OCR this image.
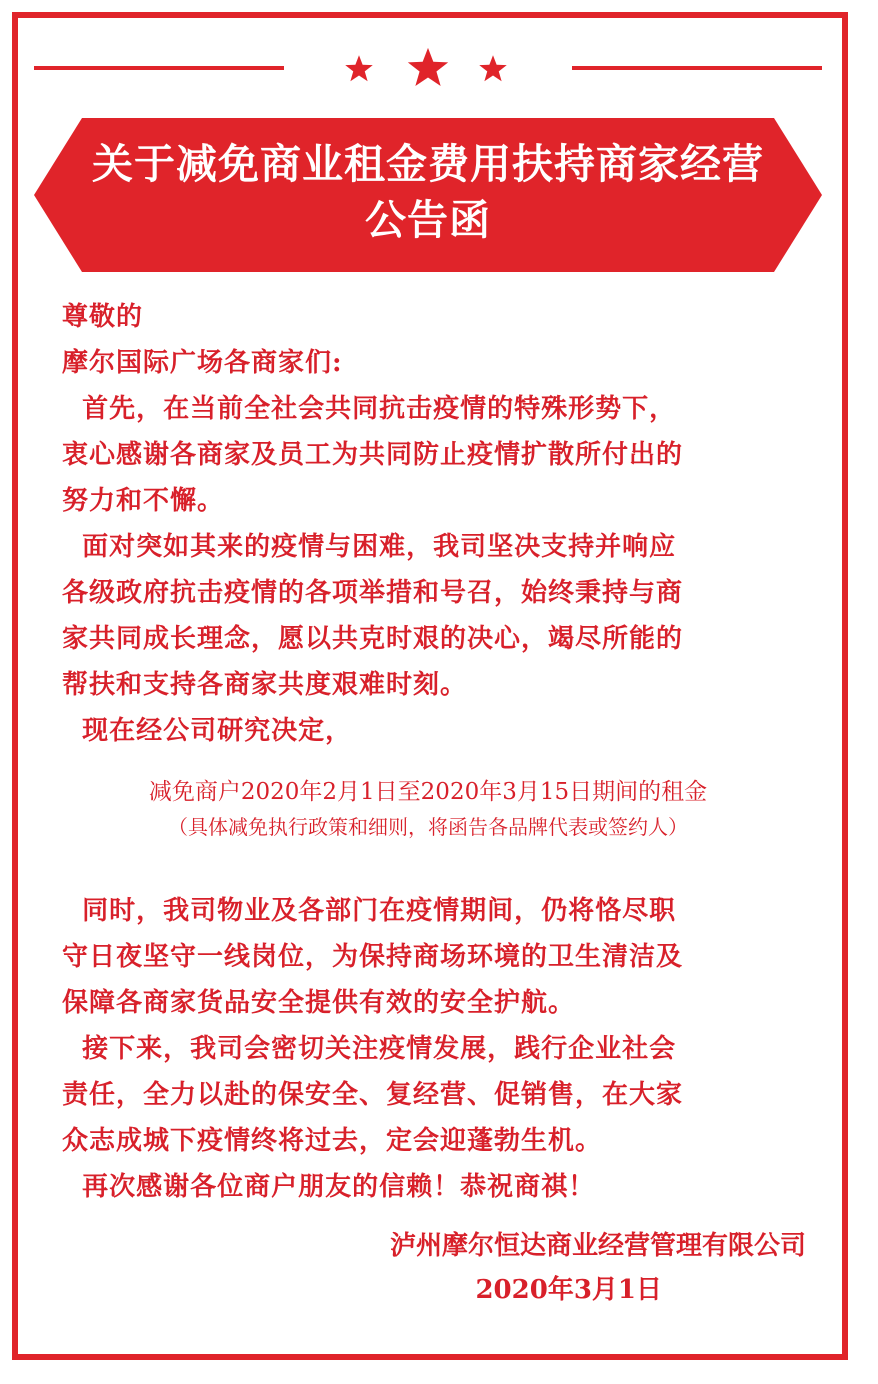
关于减免商业租金费用扶持商家经营
公告函

尊敬的

摩尔国际广场各商家们:

首先，在当前全社会共同抗击疫情的特殊形势下，

衷心感谢各商家及员工为共同防止疫情扩散所付出的

努力和不懈。

面对突如其来的疫情与困难，我司坚决支持并响应

各级政府抗击疫情的各项举措和号召，始终秉持与商

家共同成长理念，愿以共克时艰的决心，竭尽所能的

帮扶和支持各商家共度艰难时刻。

现在经公司研究决定，

减免商户2020年2月1日至2020年3月15日期间的租金
（具体减免执行政策和细则，将函告各品牌代表或签约人）

同时，我司物业及各部门在疫情期间，仍将恪尽职

守日夜坚守一线岗位，为保持商场环境的卫生清洁及

保障各商家货品安全提供有效的安全护航。

接下来，我司会密切关注疫情发展，践行企业社会

责任，全力以赴的保安全、复经营、促销售，在大家

众志成城下疫情终将过去，定会迎蓬勃生机。

再次感谢各位商户朋友的信赖！恭祝商祺！

泸州摩尔恒达商业经营管理有限公司
2020年3月1日
